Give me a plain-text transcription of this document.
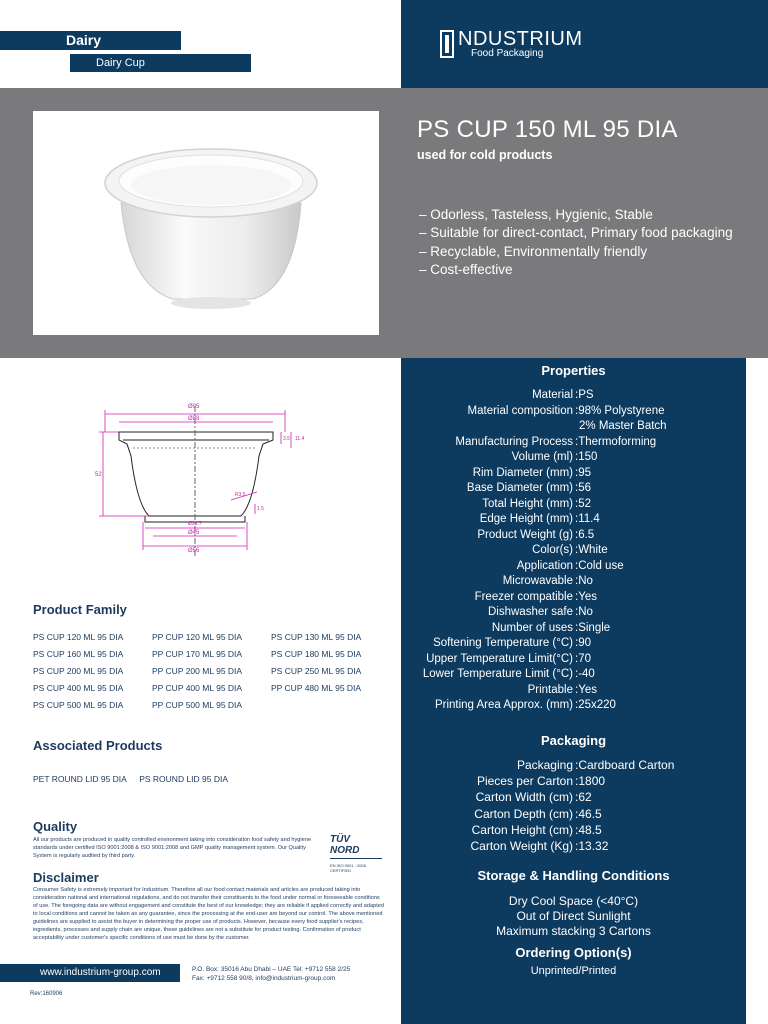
Dairy
Dairy Cup
NDUSTRIUM
Food Packaging
PS CUP 150 ML 95 DIA
used for cold products
– Odorless, Tasteless, Hygienic, Stable
– Suitable for direct-contact, Primary food packaging
– Recyclable, Environmentally friendly
– Cost-effective
Ø95
Ø88
Ø56
Ø45
Ø29.7
52
3.5 11.4
R3.5
1.5
Properties
Material : PS
Material composition : 98% Polystyrene
2% Master Batch
Manufacturing Process : Thermoforming
Volume (ml) : 150
Rim Diameter (mm) : 95
Base Diameter (mm) : 56
Total Height (mm) : 52
Edge Height (mm) : 11.4
Product Weight (g) : 6.5
Color(s) : White
Application : Cold use
Microwavable : No
Freezer compatible : Yes
Dishwasher safe : No
Number of uses : Single
Softening Temperature (°C) : 90
Upper Temperature Limit(°C) : 70
Lower Temperature Limit (°C) : -40
Printable : Yes
Printing Area Approx. (mm) : 25x220
Packaging
Packaging : Cardboard Carton
Pieces per Carton : 1800
Carton Width (cm) : 62
Carton Depth (cm) : 46.5
Carton Height (cm) : 48.5
Carton Weight (Kg) : 13.32
Storage & Handling Conditions
Dry Cool Space (<40°C)
Out of Direct Sunlight
Maximum stacking 3 Cartons
Ordering Option(s)
Unprinted/Printed
Product Family
PS CUP 120 ML 95 DIA	PP CUP 120 ML 95 DIA	PS CUP 130 ML 95 DIA
PS CUP 160 ML 95 DIA	PP CUP 170 ML 95 DIA	PS CUP 180 ML 95 DIA
PS CUP 200 ML 95 DIA	PP CUP 200 ML 95 DIA	PS CUP 250 ML 95 DIA
PS CUP 400 ML 95 DIA	PP CUP 400 ML 95 DIA	PP CUP 480 ML 95 DIA
PS CUP 500 ML 95 DIA	PP CUP 500 ML 95 DIA
Associated Products
PET ROUND LID 95 DIA PS ROUND LID 95 DIA
Quality
All our products are produced in quality controlled environment taking into consideration food safety and hygiene standards under certified ISO 9001:2008 & ISO 9001:2008 and GMP quality management system. Our Quality System is regularly audited by third party.
TÜV NORD
EN ISO 9001 : 2008 CERTIFIED
Disclaimer
Consumer Safety is extremely important for Industrium. Therefore all our food contact materials and articles are produced taking into consideration national and international regulations, and do not transfer their constituents to the food under normal or foreseeable conditions of use. The foregoing data are without engagement and constitute the best of our knowledge; they are reliable if applied correctly and adapted to local conditions and cannot be taken as any guarantee, since the processing at the end-user are beyond our control. The above mentioned guidelines are supplied to assist the buyer in determining the proper use of products. However, because every food supplier's recipes, ingredients, processes and supply chain are unique, these guidelines are not a substitute for product testing. Confirmation of product acceptability under customer's specific conditions of use must be done by the customer.
www.industrium-group.com	P.O. Box: 35016 Abu Dhabi – UAE Tel: +9712 558 2/25
Fax: +9712 558 90/8, info@industrium-group.com
Rev:160906
